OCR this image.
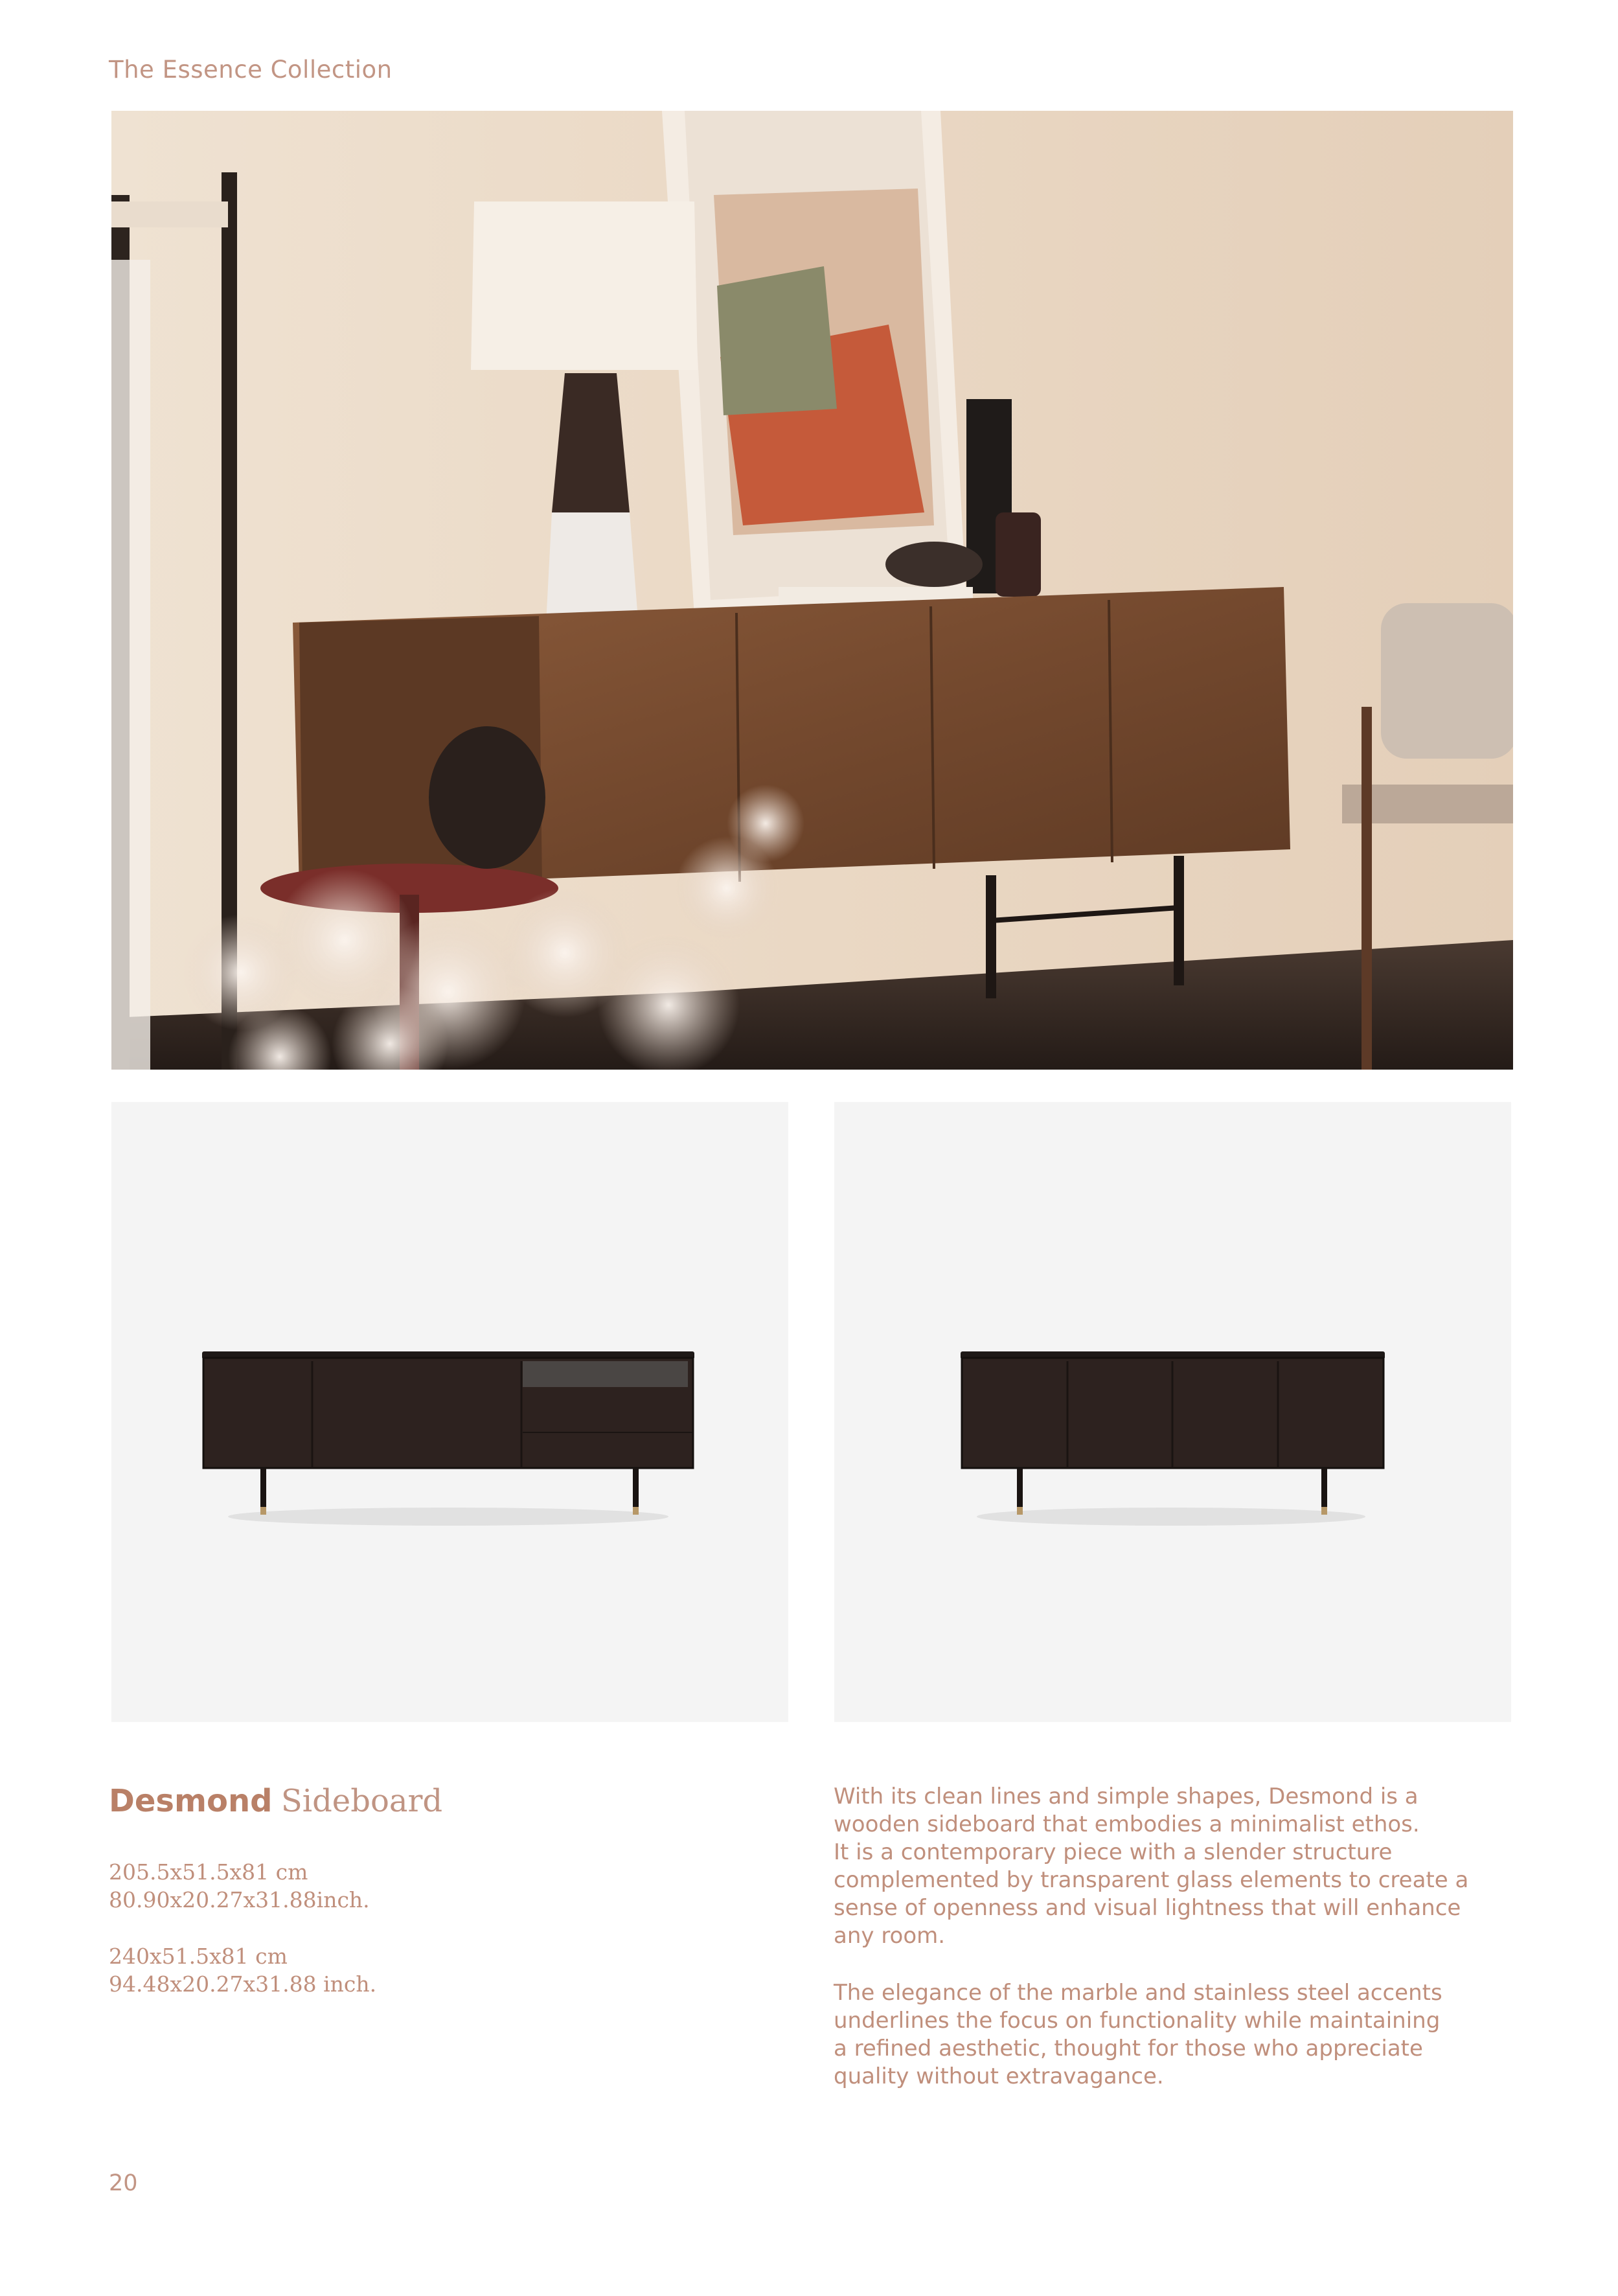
The Essence Collection
Desmond Sideboard
205.5x51.5x81 cm
80.90x20.27x31.88inch.
240x51.5x81 cm
94.48x20.27x31.88 inch.
With its clean lines and simple shapes, Desmond is a
wooden sideboard that embodies a minimalist ethos.
It is a contemporary piece with a slender structure
complemented by transparent glass elements to create a
sense of openness and visual lightness that will enhance
any room.
The elegance of the marble and stainless steel accents
underlines the focus on functionality while maintaining
a refined aesthetic, thought for those who appreciate
quality without extravagance.
20
